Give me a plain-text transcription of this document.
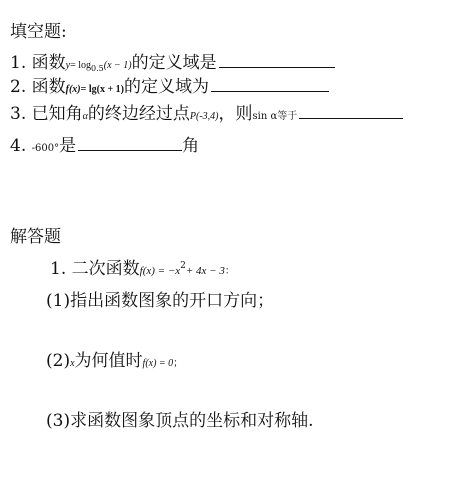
填空题:
1. 函数$y= \log_{0.5}(x - 1)$的定义域是
2. 函数f(x)= lg(x + 1)的定义域为
3. 已知角α的终边经过点P(-3,4)，则sin α等于
4. -600°是	角
解答题
1. 二次函数$f(x) = -x^2+ 4x - 3$：
(1)指出函数图象的开口方向；
(2)x为何值时f(x) = 0；
(3)求函数图象顶点的坐标和对称轴.
